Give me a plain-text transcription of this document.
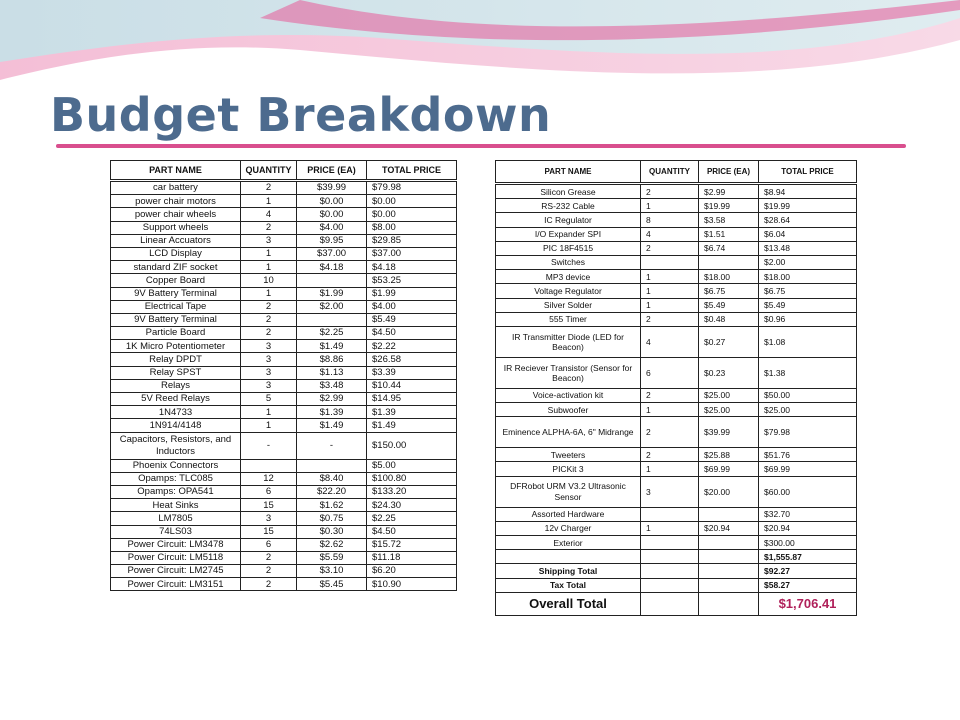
Budget Breakdown
PART NAME	QUANTITY	PRICE (EA)	TOTAL PRICE
car battery	2	$39.99	$79.98
power chair motors	1	$0.00	$0.00
power chair wheels	4	$0.00	$0.00
Support wheels	2	$4.00	$8.00
Linear Accuators	3	$9.95	$29.85
LCD Display	1	$37.00	$37.00
standard ZIF socket	1	$4.18	$4.18
Copper Board	10		$53.25
9V Battery Terminal	1	$1.99	$1.99
Electrical Tape	2	$2.00	$4.00
9V Battery Terminal	2		$5.49
Particle Board	2	$2.25	$4.50
1K Micro Potentiometer	3	$1.49	$2.22
Relay DPDT	3	$8.86	$26.58
Relay SPST	3	$1.13	$3.39
Relays	3	$3.48	$10.44
5V Reed Relays	5	$2.99	$14.95
1N4733	1	$1.39	$1.39
1N914/4148	1	$1.49	$1.49
Capacitors, Resistors, and Inductors	-	-	$150.00
Phoenix Connectors			$5.00
Opamps: TLC085	12	$8.40	$100.80
Opamps: OPA541	6	$22.20	$133.20
Heat Sinks	15	$1.62	$24.30
LM7805	3	$0.75	$2.25
74LS03	15	$0.30	$4.50
Power Circuit: LM3478	6	$2.62	$15.72
Power Circuit: LM5118	2	$5.59	$11.18
Power Circuit: LM2745	2	$3.10	$6.20
Power Circuit: LM3151	2	$5.45	$10.90
PART NAME	QUANTITY	PRICE (EA)	TOTAL PRICE
Silicon Grease	2	$2.99	$8.94
RS-232 Cable	1	$19.99	$19.99
IC Regulator	8	$3.58	$28.64
I/O Expander SPI	4	$1.51	$6.04
PIC 18F4515	2	$6.74	$13.48
Switches			$2.00
MP3 device	1	$18.00	$18.00
Voltage Regulator	1	$6.75	$6.75
Silver Solder	1	$5.49	$5.49
555 Timer	2	$0.48	$0.96
IR Transmitter Diode (LED for Beacon)	4	$0.27	$1.08
IR Reciever Transistor (Sensor for Beacon)	6	$0.23	$1.38
Voice-activation kit	2	$25.00	$50.00
Subwoofer	1	$25.00	$25.00
Eminence ALPHA-6A, 6" Midrange	2	$39.99	$79.98
Tweeters	2	$25.88	$51.76
PICKit 3	1	$69.99	$69.99
DFRobot URM V3.2 Ultrasonic Sensor	3	$20.00	$60.00
Assorted Hardware			$32.70
12v Charger	1	$20.94	$20.94
Exterior			$300.00
			$1,555.87
Shipping Total			$92.27
Tax Total			$58.27
Overall Total			$1,706.41
